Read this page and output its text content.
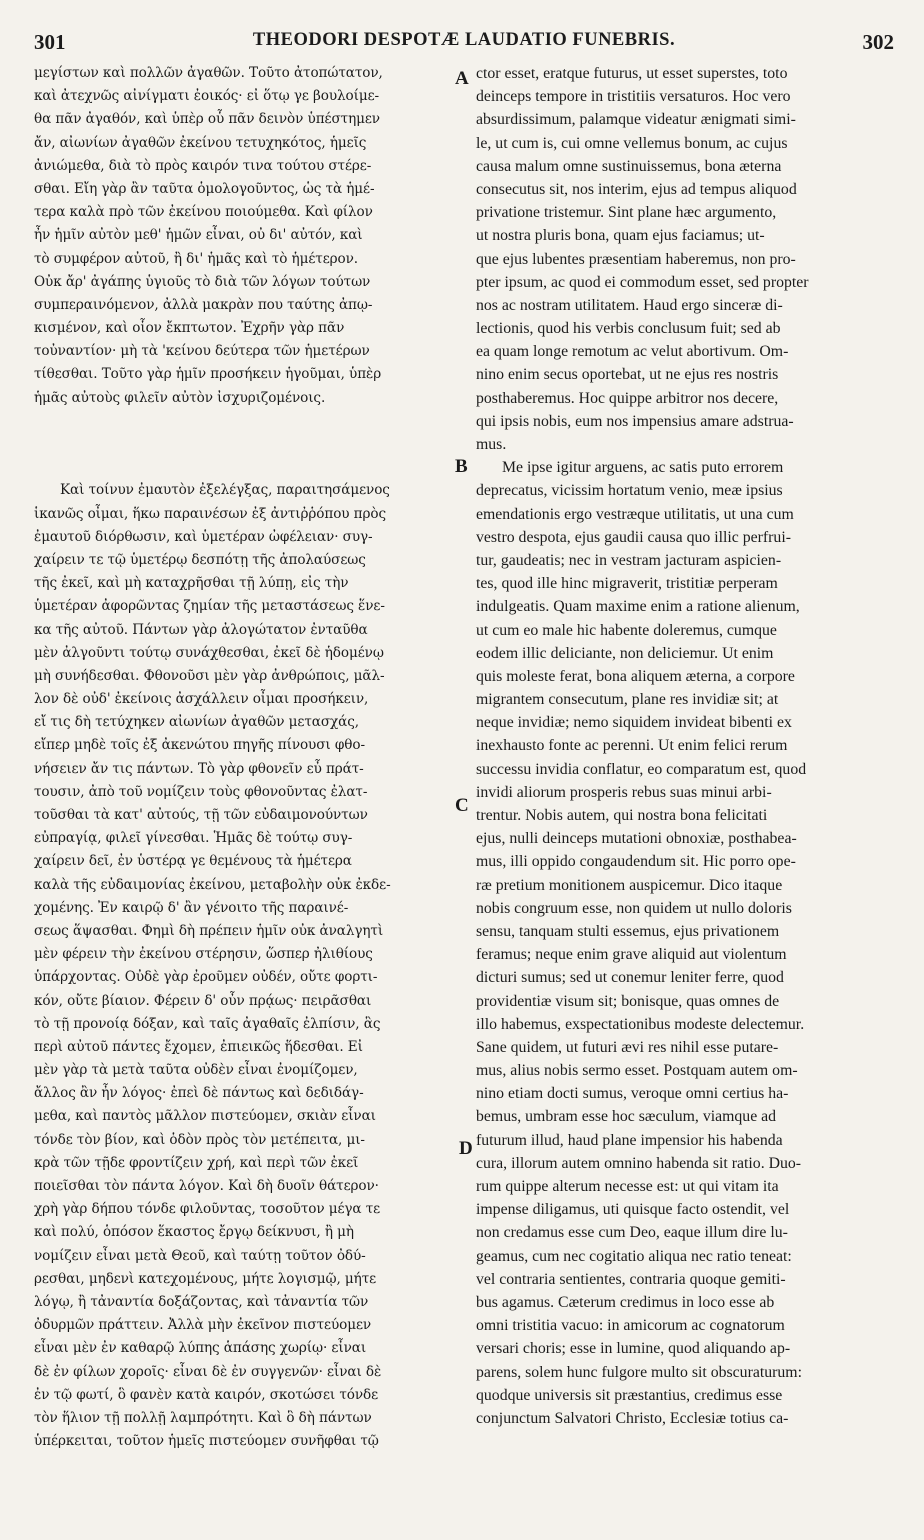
301	THEODORI DESPOTÆ LAUDATIO FUNEBRIS.	302
μεγίστων καὶ πολλῶν ἀγαθῶν. Τοῦτο ἀτοπώτατον,
καὶ ἀτεχνῶς αἰνίγματι ἐοικός· εἰ ὅτῳ γε βουλοίμε-
θα πᾶν ἀγαθόν, καὶ ὑπὲρ οὗ πᾶν δεινὸν ὑπέστημεν
ἄν, αἰωνίων ἀγαθῶν ἐκείνου τετυχηκότος, ἡμεῖς
ἀνιώμεθα, διὰ τὸ πρὸς καιρόν τινα τούτου στέρε-
σθαι. Εἴη γὰρ ἂν ταῦτα ὁμολογοῦντος, ὡς τὰ ἡμέ-
τερα καλὰ πρὸ τῶν ἐκείνου ποιούμεθα. Καὶ φίλον
ἦν ἡμῖν αὐτὸν μεθ' ἡμῶν εἶναι, οὐ δι' αὐτόν, καὶ
τὸ συμφέρον αὐτοῦ, ἢ δι' ἡμᾶς καὶ τὸ ἡμέτερον.
Οὐκ ἄρ' ἀγάπης ὑγιοῦς τὸ διὰ τῶν λόγων τούτων
συμπεραινόμενον, ἀλλὰ μακρὰν που ταύτης ἀπῳ-
κισμένον, καὶ οἷον ἔκπτωτον. Ἐχρῆν γὰρ πᾶν
τοὐναντίον· μὴ τὰ 'κείνου δεύτερα τῶν ἡμετέρων
τίθεσθαι. Τοῦτο γὰρ ἡμῖν προσήκειν ἡγοῦμαι, ὑπὲρ
ἡμᾶς αὐτοὺς φιλεῖν αὐτὸν ἰσχυριζομένοις.
Καὶ τοίνυν ἐμαυτὸν ἐξελέγξας, παραιτησάμενος
ἱκανῶς οἶμαι, ἥκω παραινέσων ἐξ ἀντιῤῥόπου πρὸς
ἐμαυτοῦ διόρθωσιν, καὶ ὑμετέραν ὠφέλειαν· συγ-
χαίρειν τε τῷ ὑμετέρῳ δεσπότῃ τῆς ἀπολαύσεως
τῆς ἐκεῖ, καὶ μὴ καταχρῆσθαι τῇ λύπῃ, εἰς τὴν
ὑμετέραν ἀφορῶντας ζημίαν τῆς μεταστάσεως ἕνε-
κα τῆς αὐτοῦ. Πάντων γὰρ ἀλογώτατον ἐνταῦθα
μὲν ἀλγοῦντι τούτῳ συνάχθεσθαι, ἐκεῖ δὲ ἡδομένῳ
μὴ συνήδεσθαι. Φθονοῦσι μὲν γὰρ ἀνθρώποις, μᾶλ-
λον δὲ οὐδ' ἐκείνοις ἀσχάλλειν οἶμαι προσήκειν,
εἴ τις δὴ τετύχηκεν αἰωνίων ἀγαθῶν μετασχάς,
εἴπερ μηδὲ τοῖς ἐξ ἀκενώτου πηγῆς πίνουσι φθο-
νήσειεν ἄν τις πάντων. Τὸ γὰρ φθονεῖν εὖ πράτ-
τουσιν, ἀπὸ τοῦ νομίζειν τοὺς φθονοῦντας ἐλατ-
τοῦσθαι τὰ κατ' αὐτούς, τῇ τῶν εὐδαιμονούντων
εὐπραγίᾳ, φιλεῖ γίνεσθαι. Ἡμᾶς δὲ τούτῳ συγ-
χαίρειν δεῖ, ἐν ὑστέρᾳ γε θεμένους τὰ ἡμέτερα
καλὰ τῆς εὐδαιμονίας ἐκείνου, μεταβολὴν οὐκ ἐκδε-
χομένης. Ἐν καιρῷ δ' ἂν γένοιτο τῆς παραινέ-
σεως ἅψασθαι. Φημὶ δὴ πρέπειν ἡμῖν οὐκ ἀναλγητὶ
μὲν φέρειν τὴν ἐκείνου στέρησιν, ὥσπερ ἠλιθίους
ὑπάρχοντας. Οὐδὲ γὰρ ἐροῦμεν οὐδέν, οὔτε φορτι-
κόν, οὔτε βίαιον. Φέρειν δ' οὖν πρᾴως· πειρᾶσθαι
τὸ τῇ προνοίᾳ δόξαν, καὶ ταῖς ἀγαθαῖς ἐλπίσιν, ἃς
περὶ αὐτοῦ πάντες ἔχομεν, ἐπιεικῶς ἥδεσθαι. Εἰ
μὲν γὰρ τὰ μετὰ ταῦτα οὐδὲν εἶναι ἐνομίζομεν,
ἄλλος ἂν ἦν λόγος· ἐπεὶ δὲ πάντως καὶ δεδιδάγ-
μεθα, καὶ παντὸς μᾶλλον πιστεύομεν, σκιὰν εἶναι
τόνδε τὸν βίον, καὶ ὁδὸν πρὸς τὸν μετέπειτα, μι-
κρὰ τῶν τῇδε φροντίζειν χρή, καὶ περὶ τῶν ἐκεῖ
ποιεῖσθαι τὸν πάντα λόγον. Καὶ δὴ δυοῖν θάτερον·
χρὴ γὰρ δήπου τόνδε φιλοῦντας, τοσοῦτον μέγα τε
καὶ πολύ, ὁπόσον ἕκαστος ἔργῳ δείκνυσι, ἢ μὴ
νομίζειν εἶναι μετὰ Θεοῦ, καὶ ταύτῃ τοῦτον ὀδύ-
ρεσθαι, μηδενὶ κατεχομένους, μήτε λογισμῷ, μήτε
λόγῳ, ἢ τἀναντία δοξάζοντας, καὶ τἀναντία τῶν
ὀδυρμῶν πράττειν. Ἀλλὰ μὴν ἐκεῖνον πιστεύομεν
εἶναι μὲν ἐν καθαρῷ λύπης ἁπάσης χωρίῳ· εἶναι
δὲ ἐν φίλων χοροῖς· εἶναι δὲ ἐν συγγενῶν· εἶναι δὲ
ἐν τῷ φωτί, ὃ φανὲν κατὰ καιρόν, σκοτώσει τόνδε
τὸν ἥλιον τῇ πολλῇ λαμπρότητι. Καὶ ὃ δὴ πάντων
ὑπέρκειται, τοῦτον ἡμεῖς πιστεύομεν συνῆφθαι τῷ
ctor esset, eratque futurus, ut esset superstes, toto
deinceps tempore in tristitiis versaturos. Hoc vero
absurdissimum, palamque videatur ænigmati simi-
le, ut cum is, cui omne vellemus bonum, ac cujus
causa malum omne sustinuissemus, bona æterna
consecutus sit, nos interim, ejus ad tempus aliquod
privatione tristemur. Sint plane hæc argumento,
ut nostra pluris bona, quam ejus faciamus; ut-
que ejus lubentes præsentiam haberemus, non pro-
pter ipsum, ac quod ei commodum esset, sed propter
nos ac nostram utilitatem. Haud ergo sinceræ di-
lectionis, quod his verbis conclusum fuit; sed ab
ea quam longe remotum ac velut abortivum. Om-
nino enim secus oportebat, ut ne ejus res nostris
posthaberemus. Hoc quippe arbitror nos decere,
qui ipsis nobis, eum nos impensius amare adstrua-
mus.
Me ipse igitur arguens, ac satis puto errorem
deprecatus, vicissim hortatum venio, meæ ipsius
emendationis ergo vestræque utilitatis, ut una cum
vestro despota, ejus gaudii causa quo illic perfrui-
tur, gaudeatis; nec in vestram jacturam aspicien-
tes, quod ille hinc migraverit, tristitiæ perperam
indulgeatis. Quam maxime enim a ratione alienum,
ut cum eo male hic habente doleremus, cumque
eodem illic deliciante, non deliciemur. Ut enim
quis moleste ferat, bona aliquem æterna, a corpore
migrantem consecutum, plane res invidiæ sit; at
neque invidiæ; nemo siquidem invideat bibenti ex
inexhausto fonte ac perenni. Ut enim felici rerum
successu invidia conflatur, eo comparatum est, quod
invidi aliorum prosperis rebus suas minui arbi-
trentur. Nobis autem, qui nostra bona felicitati
ejus, nulli deinceps mutationi obnoxiæ, posthabea-
mus, illi oppido congaudendum sit. Hic porro ope-
ræ pretium monitionem auspicemur. Dico itaque
nobis congruum esse, non quidem ut nullo doloris
sensu, tanquam stulti essemus, ejus privationem
feramus; neque enim grave aliquid aut violentum
dicturi sumus; sed ut conemur leniter ferre, quod
providentiæ visum sit; bonisque, quas omnes de
illo habemus, exspectationibus modeste delectemur.
Sane quidem, ut futuri ævi res nihil esse putare-
mus, alius nobis sermo esset. Postquam autem om-
nino etiam docti sumus, veroque omni certius ha-
bemus, umbram esse hoc sæculum, viamque ad
futurum illud, haud plane impensior his habenda
cura, illorum autem omnino habenda sit ratio. Duo-
rum quippe alterum necesse est: ut qui vitam ita
impense diligamus, uti quisque facto ostendit, vel
non credamus esse cum Deo, eaque illum dire lu-
geamus, cum nec cogitatio aliqua nec ratio teneat:
vel contraria sentientes, contraria quoque gemiti-
bus agamus. Cæterum credimus in loco esse ab
omni tristitia vacuo: in amicorum ac cognatorum
versari choris; esse in lumine, quod aliquando ap-
parens, solem hunc fulgore multo sit obscuraturum:
quodque universis sit præstantius, credimus esse
conjunctum Salvatori Christo, Ecclesiæ totius ca-
A
B
C
D
